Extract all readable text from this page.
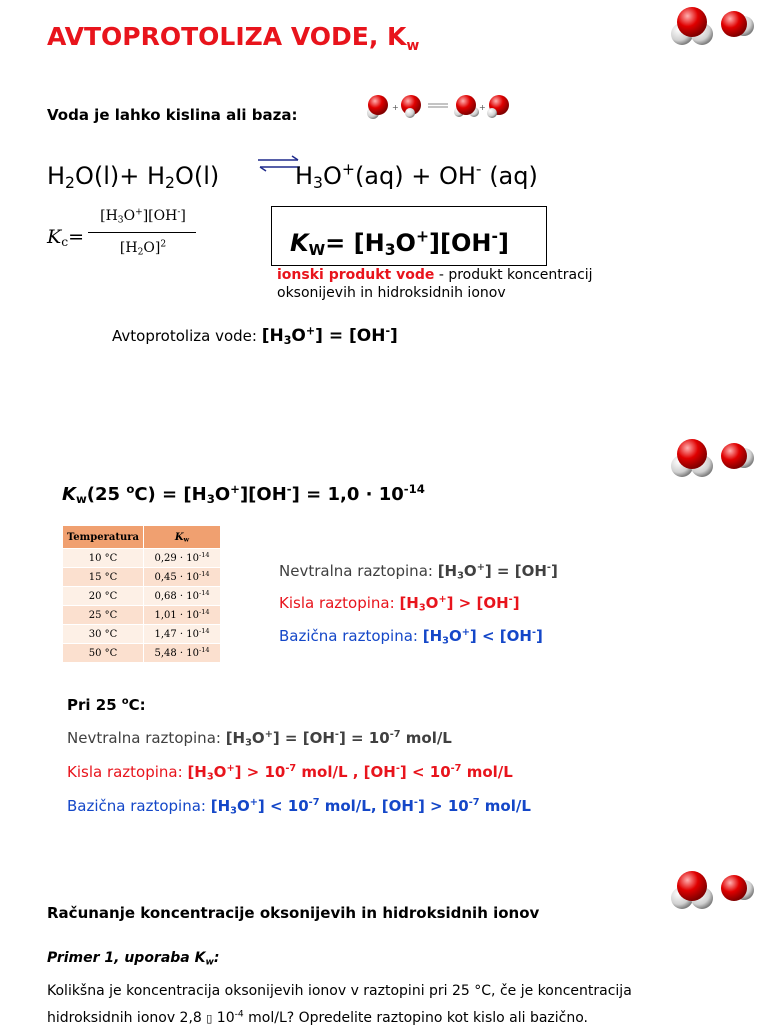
AVTOPROTOLIZA VODE, $K_w$
Voda je lahko kislina ali baza:	+	+
$H_2O(l)+ H_2O(l)$	$H_3O^+(aq) + OH^-$ (aq)
$K_c=$
$[H_3O^+][OH^-]$
$[H_2O]^2$	$K_W= [H_3O^+][OH^-]$
ionski produkt vode - produkt koncentracij
oksonijevih in hidroksidnih ionov
Avtoprotoliza vode: $[H_3O^+] = [OH^-]$
$K_w(25$ $^oC) = [H_3O^+][OH^-] = 1,0 \cdot 10^{-14}$
Temperatura	$K_w$
10 °C	$0,29 \cdot 10^{-14}$
15 °C	$0,45 \cdot 10^{-14}$
20 °C	$0,68 \cdot 10^{-14}$
25 °C	$1,01 \cdot 10^{-14}$
30 °C	$1,47 \cdot 10^{-14}$
50 °C	$5,48 \cdot 10^{-14}$
Nevtralna raztopina: $[H_3O^+] = [OH^-]$
Kisla raztopina: $[H_3O^+] > [OH^-]$
Bazična raztopina: $[H_3O^+] < [OH^-]$
Pri 25 $^o$C:
Nevtralna raztopina: $[H_3O^+] = [OH^-] = 10^{-7}$ mol/L
Kisla raztopina: $[H_3O^+] > 10^{-7}$ mol/L , $[OH^-] < 10^{-7}$ mol/L
Bazična raztopina: $[H_3O^+] < 10^{-7}$ mol/L, $[OH^-] > 10^{-7}$ mol/L
Računanje koncentracije oksonijevih in hidroksidnih ionov
Primer 1, uporaba $K_w$:
Kolikšna je koncentracija oksonijevih ionov v raztopini pri 25 °C, če je koncentracija
hidroksidnih ionov 2,8 ▯ $10^{-4}$ mol/L? Opredelite raztopino kot kislo ali bazično.
